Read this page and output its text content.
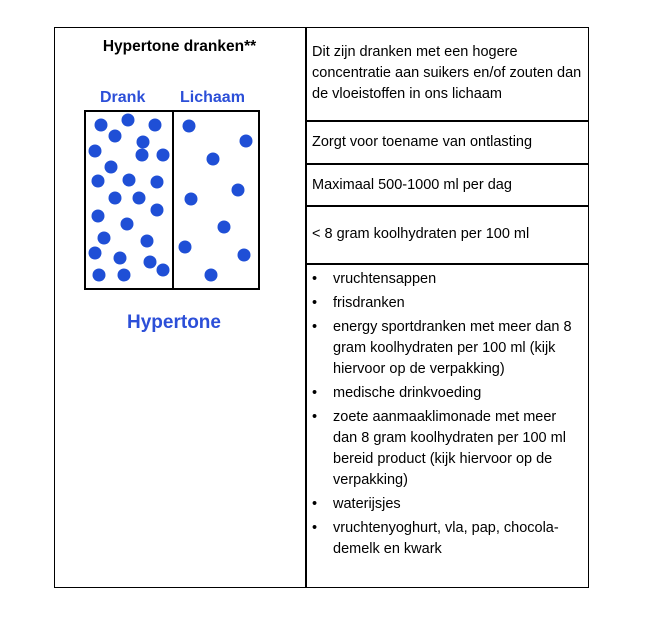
Hypertone dranken**
Drank Lichaam
Hypertone
Dit zijn dranken met een hogere concentratie aan suikers en/of zouten dan de vloeistoffen in ons lichaam
Zorgt voor toename van ontlasting
Maximaal 500-1000 ml per dag
< 8 gram koolhydraten per 100 ml
• vruchtensappen
• frisdranken
• energy sportdranken met meer dan 8 gram koolhydraten per 100 ml (kijk hiervoor op de verpakking)
• medische drinkvoeding
• zoete aanmaaklimonade met meer dan 8 gram koolhydraten per 100 ml bereid product (kijk hiervoor op de verpakking)
• waterijsjes
• vruchtenyoghurt, vla, pap, chocola-demelk en kwark
